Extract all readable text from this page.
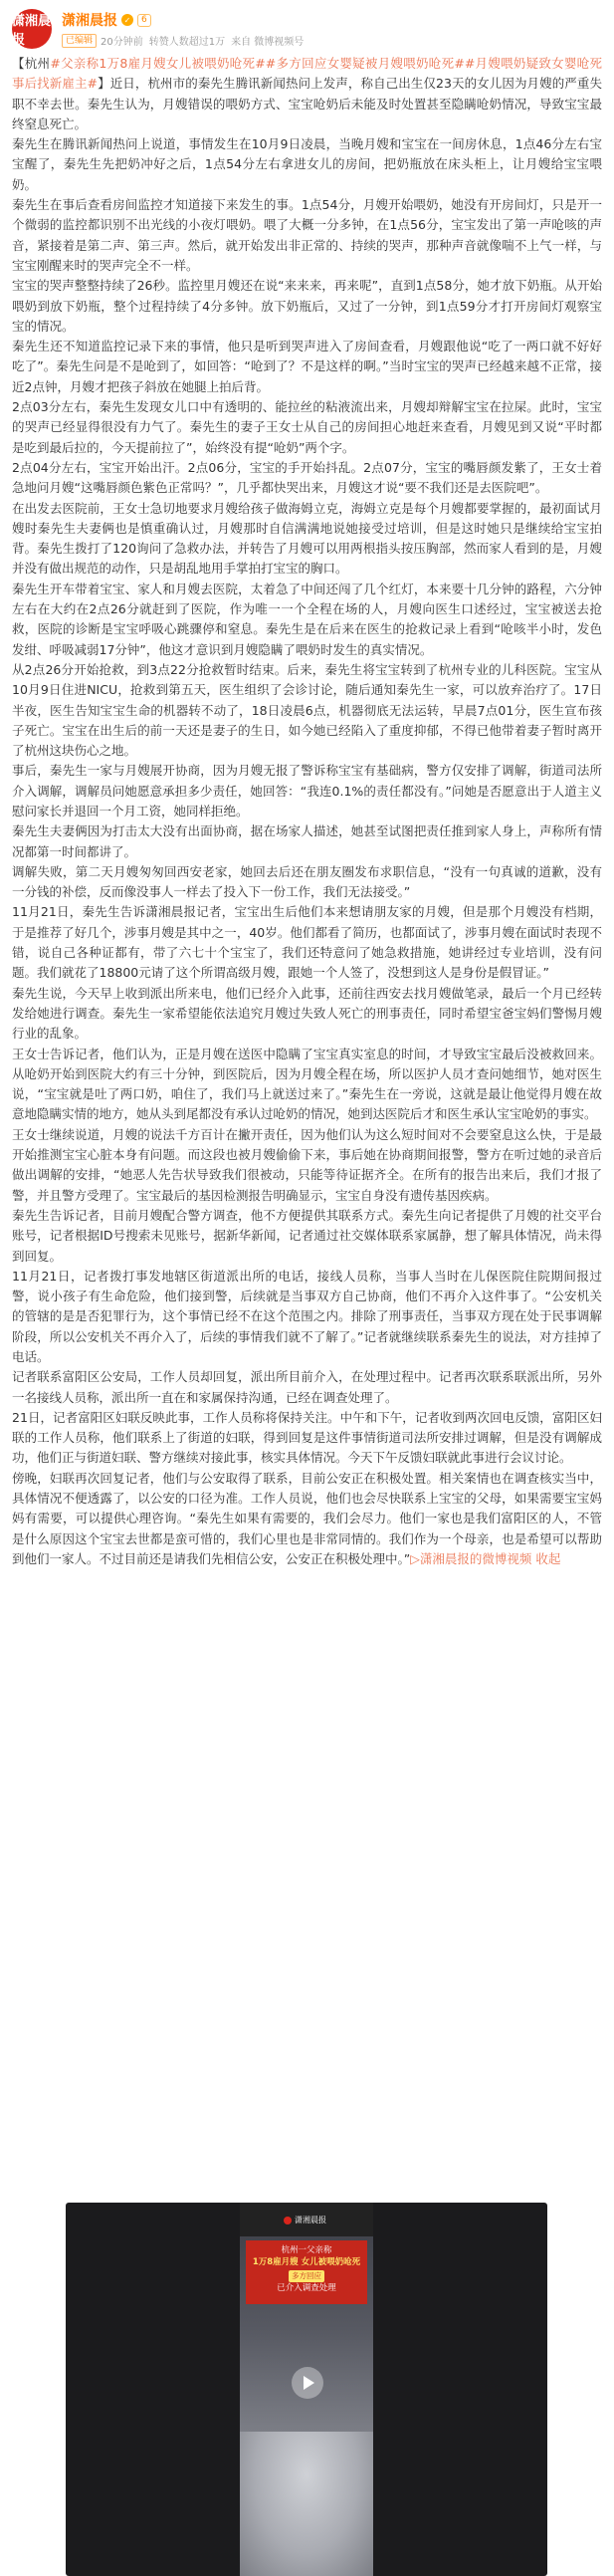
潇湘晨报
潇湘晨报 ✓	6
已编辑 20分钟前 转赞人数超过1万 来自 微博视频号

【杭州#父亲称1万8雇月嫂女儿被喂奶呛死##多方回应女婴疑被月嫂喂奶呛死##月嫂喂奶疑致女婴呛死事后找新雇主#】近日，杭州市的秦先生腾讯新闻热问上发声，称自己出生仅23天的女儿因为月嫂的严重失职不幸去世。秦先生认为，月嫂错误的喂奶方式、宝宝呛奶后未能及时处置甚至隐瞒呛奶情况，导致宝宝最终窒息死亡。

秦先生在腾讯新闻热问上说道，事情发生在10月9日凌晨，当晚月嫂和宝宝在一间房休息，1点46分左右宝宝醒了，秦先生先把奶冲好之后，1点54分左右拿进女儿的房间，把奶瓶放在床头柜上，让月嫂给宝宝喂奶。

秦先生在事后查看房间监控才知道接下来发生的事。1点54分，月嫂开始喂奶，她没有开房间灯，只是开一个微弱的监控都识别不出光线的小夜灯喂奶。喂了大概一分多钟，在1点56分，宝宝发出了第一声呛咳的声音，紧接着是第二声、第三声。然后，就开始发出非正常的、持续的哭声，那种声音就像喘不上气一样，与宝宝刚醒来时的哭声完全不一样。

宝宝的哭声整整持续了26秒。监控里月嫂还在说“来来来，再来呢”，直到1点58分，她才放下奶瓶。从开始喂奶到放下奶瓶，整个过程持续了4分多钟。放下奶瓶后，又过了一分钟，到1点59分才打开房间灯观察宝宝的情况。

秦先生还不知道监控记录下来的事情，他只是听到哭声进入了房间查看，月嫂跟他说“吃了一两口就不好好吃了”。秦先生问是不是呛到了，如回答：“呛到了？不是这样的啊。”当时宝宝的哭声已经越来越不正常，接近2点钟，月嫂才把孩子斜放在她腿上拍后背。

2点03分左右，秦先生发现女儿口中有透明的、能拉丝的粘液流出来，月嫂却辩解宝宝在拉屎。此时，宝宝的哭声已经显得很没有力气了。秦先生的妻子王女士从自己的房间担心地赶来查看，月嫂见到又说“平时都是吃到最后拉的，今天提前拉了”，始终没有提“呛奶”两个字。

2点04分左右，宝宝开始出汗。2点06分，宝宝的手开始抖乱。2点07分，宝宝的嘴唇颜发紫了，王女士着急地问月嫂“这嘴唇颜色紫色正常吗？”，几乎都快哭出来，月嫂这才说“要不我们还是去医院吧”。

在出发去医院前，王女士急切地要求月嫂给孩子做海姆立克，海姆立克是每个月嫂都要掌握的，最初面试月嫂时秦先生夫妻俩也是慎重确认过，月嫂那时自信满满地说她接受过培训，但是这时她只是继续给宝宝拍背。秦先生拨打了120询问了急救办法，并转告了月嫂可以用两根指头按压胸部，然而家人看到的是，月嫂并没有做出规范的动作，只是胡乱地用手掌拍打宝宝的胸口。

秦先生开车带着宝宝、家人和月嫂去医院，太着急了中间还闯了几个红灯，本来要十几分钟的路程，六分钟左右在大约在2点26分就赶到了医院，作为唯一一个全程在场的人，月嫂向医生口述经过，宝宝被送去抢救，医院的诊断是宝宝呼吸心跳骤停和窒息。秦先生是在后来在医生的抢救记录上看到“呛咳半小时，发色发绀、呼吸减弱17分钟”，他这才意识到月嫂隐瞒了喂奶时发生的真实情况。

从2点26分开始抢救，到3点22分抢救暂时结束。后来，秦先生将宝宝转到了杭州专业的儿科医院。宝宝从10月9日住进NICU，抢救到第五天，医生组织了会诊讨论，随后通知秦先生一家，可以放弃治疗了。17日半夜，医生告知宝宝生命的机器转不动了，18日凌晨6点，机器彻底无法运转，早晨7点01分，医生宣布孩子死亡。宝宝在出生后的前一天还是妻子的生日，如今她已经陷入了重度抑郁，不得已他带着妻子暂时离开了杭州这块伤心之地。

事后，秦先生一家与月嫂展开协商，因为月嫂无报了警诉称宝宝有基础病，警方仅安排了调解，街道司法所介入调解，调解员问她愿意承担多少责任，她回答：“我连0.1%的责任都没有。”问她是否愿意出于人道主义慰问家长并退回一个月工资，她同样拒绝。

秦先生夫妻俩因为打击太大没有出面协商，据在场家人描述，她甚至试图把责任推到家人身上，声称所有情况都第一时间都讲了。

调解失败，第二天月嫂匆匆回西安老家，她回去后还在朋友圈发布求职信息，“没有一句真诚的道歉，没有一分钱的补偿，反而像没事人一样去了投入下一份工作，我们无法接受。”

11月21日，秦先生告诉潇湘晨报记者，宝宝出生后他们本来想请朋友家的月嫂，但是那个月嫂没有档期，于是推荐了好几个，涉事月嫂是其中之一，40岁。他们都看了简历，也都面试了，涉事月嫂在面试时表现不错，说自己各种证都有，带了六七十个宝宝了，我们还特意问了她急救措施，她讲经过专业培训，没有问题。我们就花了18800元请了这个所谓高级月嫂，跟她一个人签了，没想到这人是身份是假冒证。”

秦先生说，今天早上收到派出所来电，他们已经介入此事，还前往西安去找月嫂做笔录，最后一个月已经转发给她进行调查。秦先生一家希望能依法追究月嫂过失致人死亡的刑事责任，同时希望宝爸宝妈们警惕月嫂行业的乱象。

王女士告诉记者，他们认为，正是月嫂在送医中隐瞒了宝宝真实室息的时间，才导致宝宝最后没被救回来。从呛奶开始到医院大约有三十分钟，到医院后，因为月嫂全程在场，所以医护人员才查问她细节，她对医生说，“宝宝就是吐了两口奶，咱住了，我们马上就送过来了。”秦先生在一旁说，这就是最让他觉得月嫂在故意地隐瞒实情的地方，她从头到尾都没有承认过呛奶的情况，她到达医院后才和医生承认宝宝呛奶的事实。

王女士继续说道，月嫂的说法千方百计在撇开责任，因为他们认为这么短时间对不会要窒息这么快，于是最开始推测宝宝心脏本身有问题。而这段也被月嫂偷偷下来，事后她在协商期间报警，警方在听过她的录音后做出调解的安排，“她恶人先告状导致我们很被动，只能等待证据齐全。在所有的报告出来后，我们才报了警，并且警方受理了。宝宝最后的基因检测报告明确显示，宝宝自身没有遗传基因疾病。

秦先生告诉记者，目前月嫂配合警方调查，他不方便提供其联系方式。秦先生向记者提供了月嫂的社交平台账号，记者根据ID号搜索未见账号，据新华新闻，记者通过社交媒体联系家属静，想了解具体情况，尚未得到回复。

11月21日，记者拨打事发地辖区街道派出所的电话，接线人员称，当事人当时在儿保医院住院期间报过警，说小孩子有生命危险，他们接到警，后续就是当事双方自己协商，他们不再介入这件事了。“公安机关的管辖的是是否犯罪行为，这个事情已经不在这个范围之内。排除了刑事责任，当事双方现在处于民事调解阶段，所以公安机关不再介入了，后续的事情我们就不了解了。”记者就继续联系秦先生的说法，对方挂掉了电话。

记者联系富阳区公安局，工作人员却回复，派出所目前介入，在处理过程中。记者再次联系联派出所，另外一名接线人员称，派出所一直在和家属保持沟通，已经在调查处理了。

21日，记者富阳区妇联反映此事，工作人员称将保持关注。中午和下午，记者收到两次回电反馈，富阳区妇联的工作人员称，他们联系上了街道的妇联，得到回复是这件事情街道司法所安排过调解，但是没有调解成功，他们正与街道妇联、警方继续对接此事，核实具体情况。今天下午反馈妇联就此事进行会议讨论。

傍晚，妇联再次回复记者，他们与公安取得了联系，目前公安正在积极处置。相关案情也在调查核实当中，具体情况不便透露了，以公安的口径为准。工作人员说，他们也会尽快联系上宝宝的父母，如果需要宝宝妈妈有需要，可以提供心理咨询。“秦先生如果有需要的，我们会尽力。他们一家也是我们富阳区的人，不管是什么原因这个宝宝去世都是蛮可惜的，我们心里也是非常同情的。我们作为一个母亲，也是希望可以帮助到他们一家人。不过目前还是请我们先相信公安，公安正在积极处理中。”▷潇湘晨报的微博视频 收起

潇湘晨报
杭州一父亲称
1万8雇月嫂 女儿被喂奶呛死
多方回应
已介入调查处理
